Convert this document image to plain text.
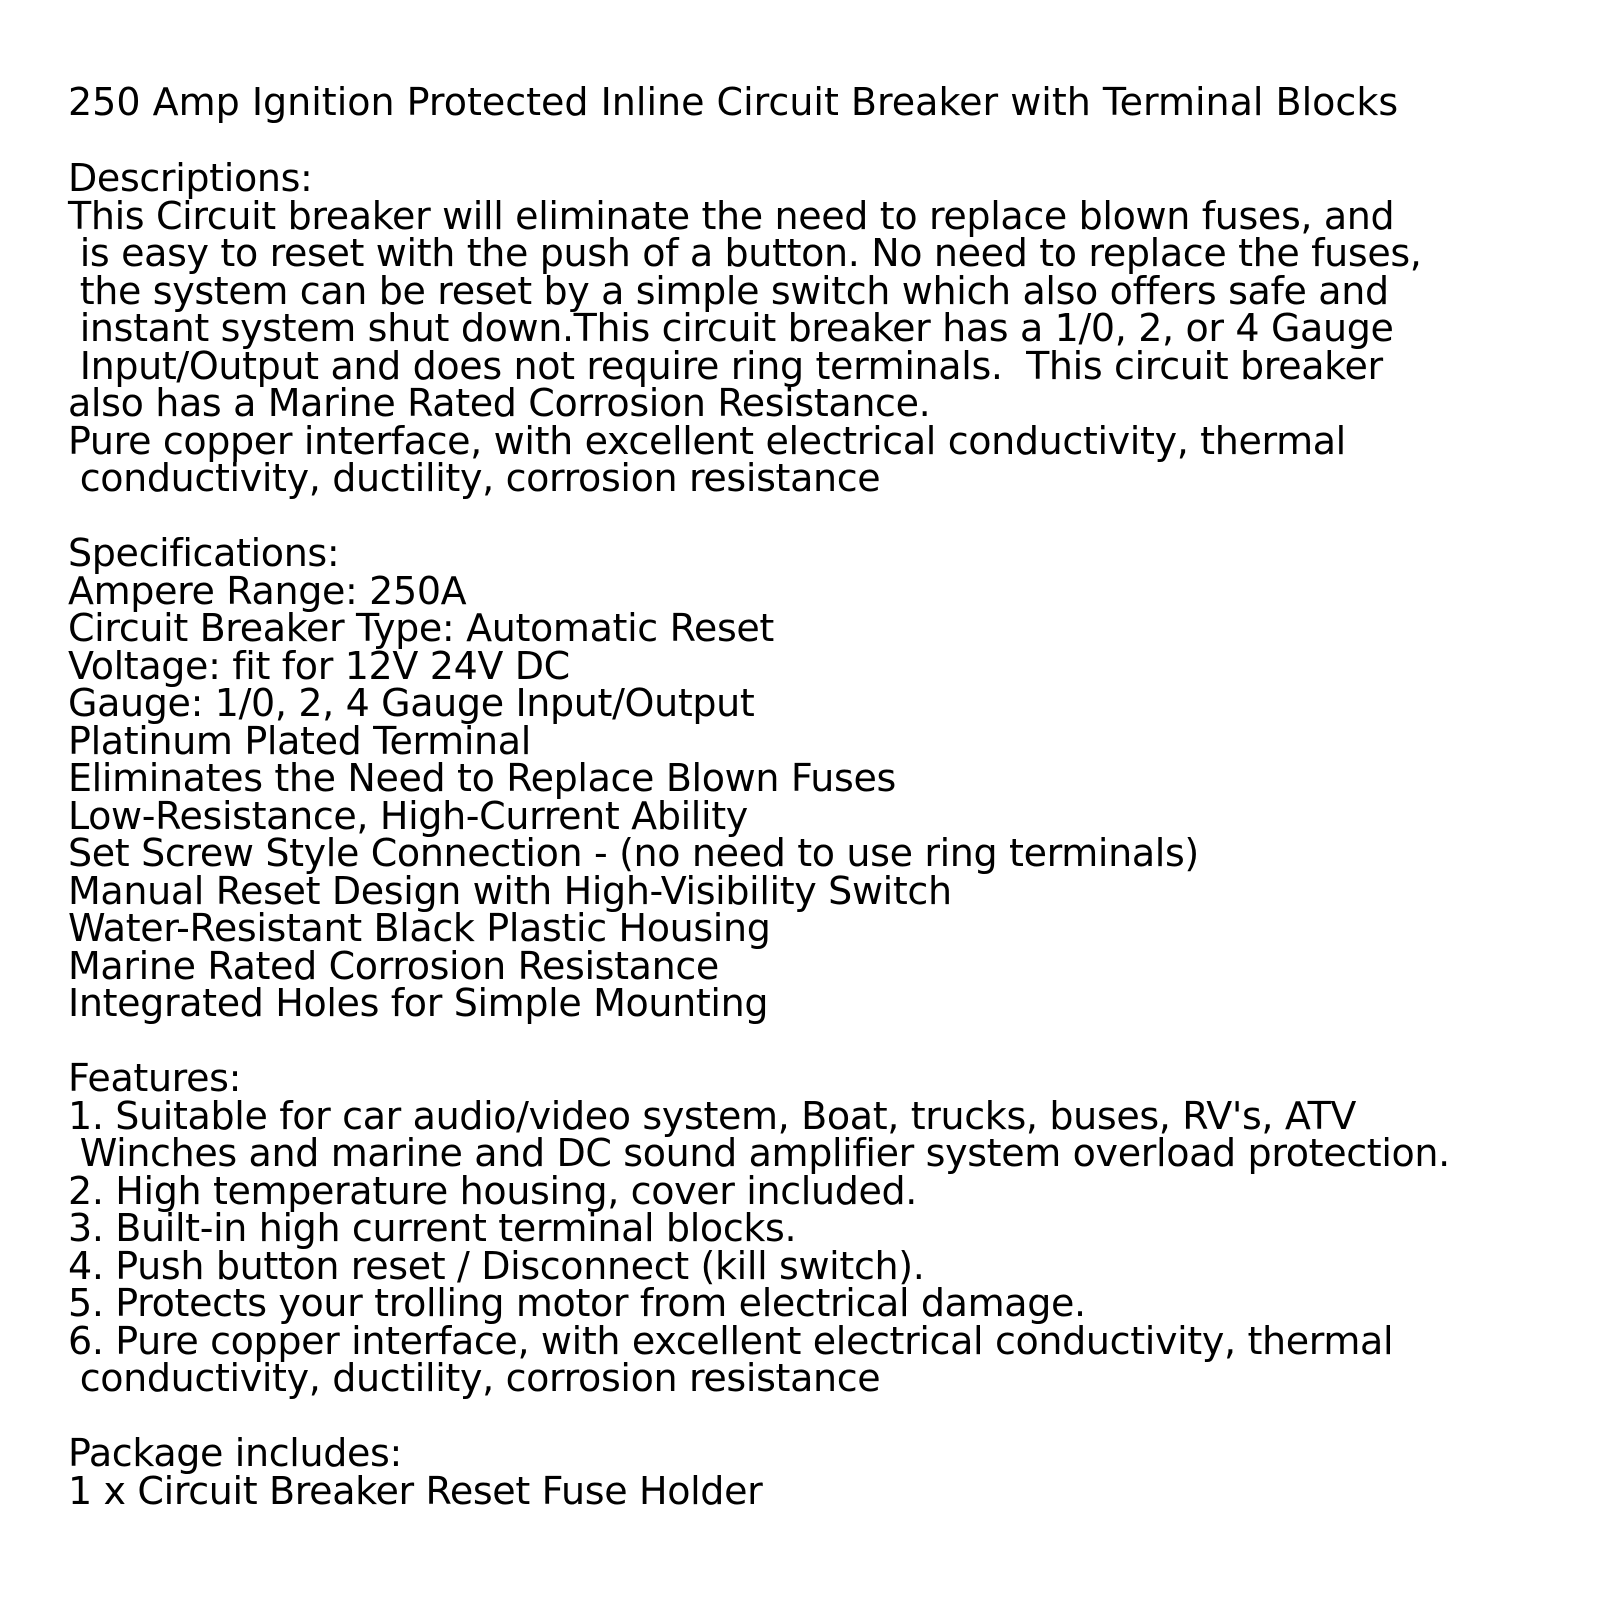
250 Amp Ignition Protected Inline Circuit Breaker with Terminal Blocks
Descriptions:
This Circuit breaker will eliminate the need to replace blown fuses, and
is easy to reset with the push of a button. No need to replace the fuses,
the system can be reset by a simple switch which also offers safe and
instant system shut down.This circuit breaker has a 1/0, 2, or 4 Gauge
Input/Output and does not require ring terminals.  This circuit breaker
also has a Marine Rated Corrosion Resistance.
Pure copper interface, with excellent electrical conductivity, thermal
conductivity, ductility, corrosion resistance
Specifications:
Ampere Range: 250A
Circuit Breaker Type: Automatic Reset
Voltage: fit for 12V 24V DC
Gauge: 1/0, 2, 4 Gauge Input/Output
Platinum Plated Terminal
Eliminates the Need to Replace Blown Fuses
Low-Resistance, High-Current Ability
Set Screw Style Connection - (no need to use ring terminals)
Manual Reset Design with High-Visibility Switch
Water-Resistant Black Plastic Housing
Marine Rated Corrosion Resistance
Integrated Holes for Simple Mounting
Features:
1. Suitable for car audio/video system, Boat, trucks, buses, RV's, ATV
Winches and marine and DC sound amplifier system overload protection.
2. High temperature housing, cover included.
3. Built-in high current terminal blocks.
4. Push button reset / Disconnect (kill switch).
5. Protects your trolling motor from electrical damage.
6. Pure copper interface, with excellent electrical conductivity, thermal
conductivity, ductility, corrosion resistance
Package includes:
1 x Circuit Breaker Reset Fuse Holder
